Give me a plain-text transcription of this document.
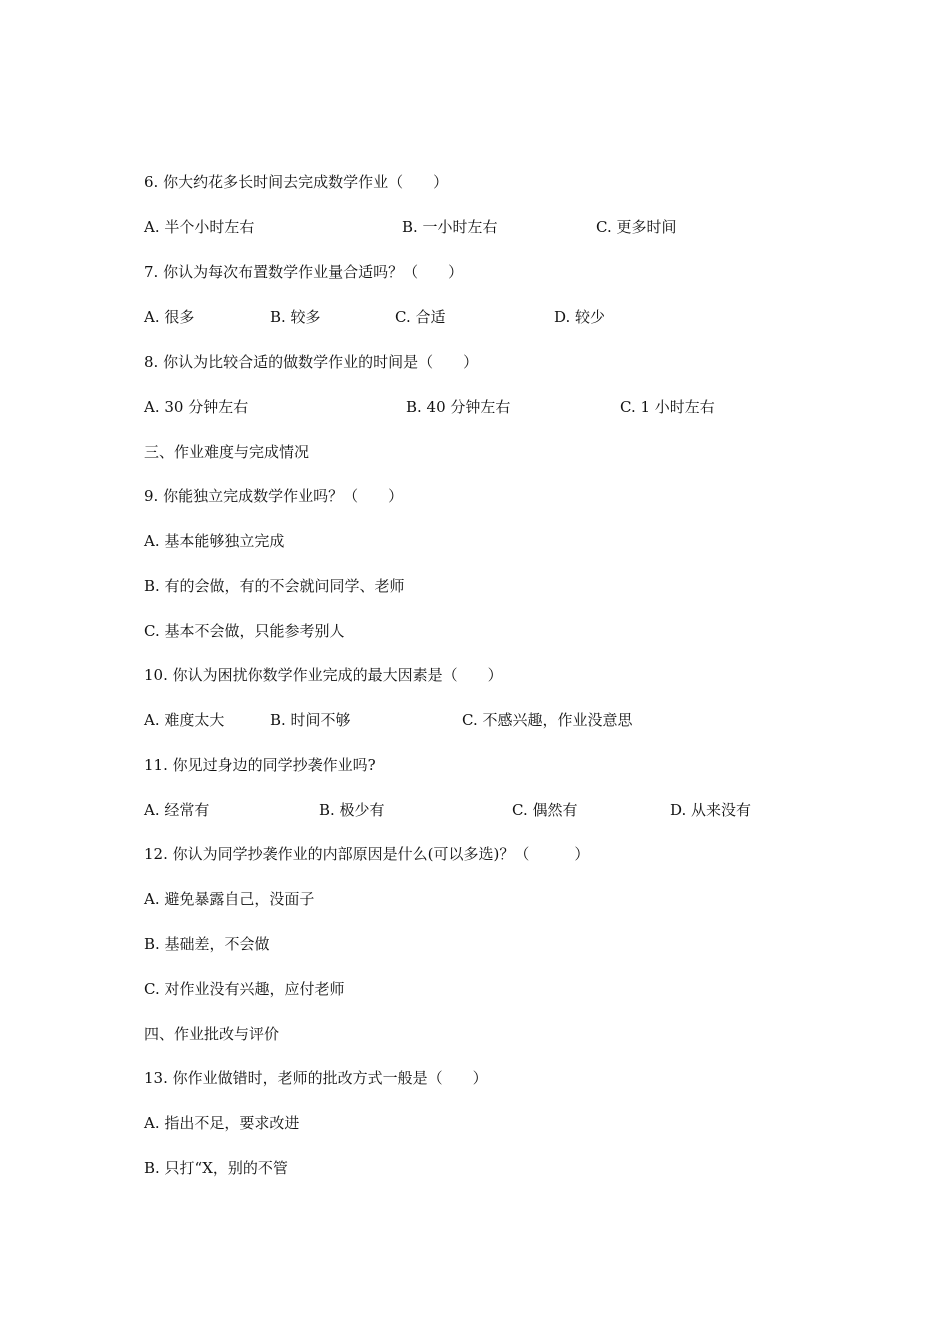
6. 你大约花多长时间去完成数学作业（　　）
A. 半个小时左右	B. 一小时左右	C. 更多时间
7. 你认为每次布置数学作业量合适吗？（　　）
A. 很多	B. 较多	C. 合适	D. 较少
8. 你认为比较合适的做数学作业的时间是（　　）
A. 30 分钟左右	B. 40 分钟左右	C. 1 小时左右
三、作业难度与完成情况
9. 你能独立完成数学作业吗？（　　）
A. 基本能够独立完成
B. 有的会做，有的不会就问同学、老师
C. 基本不会做，只能参考别人
10. 你认为困扰你数学作业完成的最大因素是（　　）
A. 难度太大	B. 时间不够	C. 不感兴趣，作业没意思
11. 你见过身边的同学抄袭作业吗?
A. 经常有	B. 极少有	C. 偶然有	D. 从来没有
12. 你认为同学抄袭作业的内部原因是什么(可以多选)？（　　　）
A. 避免暴露自己，没面子
B. 基础差，不会做
C. 对作业没有兴趣，应付老师
四、作业批改与评价
13. 你作业做错时，老师的批改方式一般是（　　）
A. 指出不足，要求改进
B. 只打“X，别的不管
